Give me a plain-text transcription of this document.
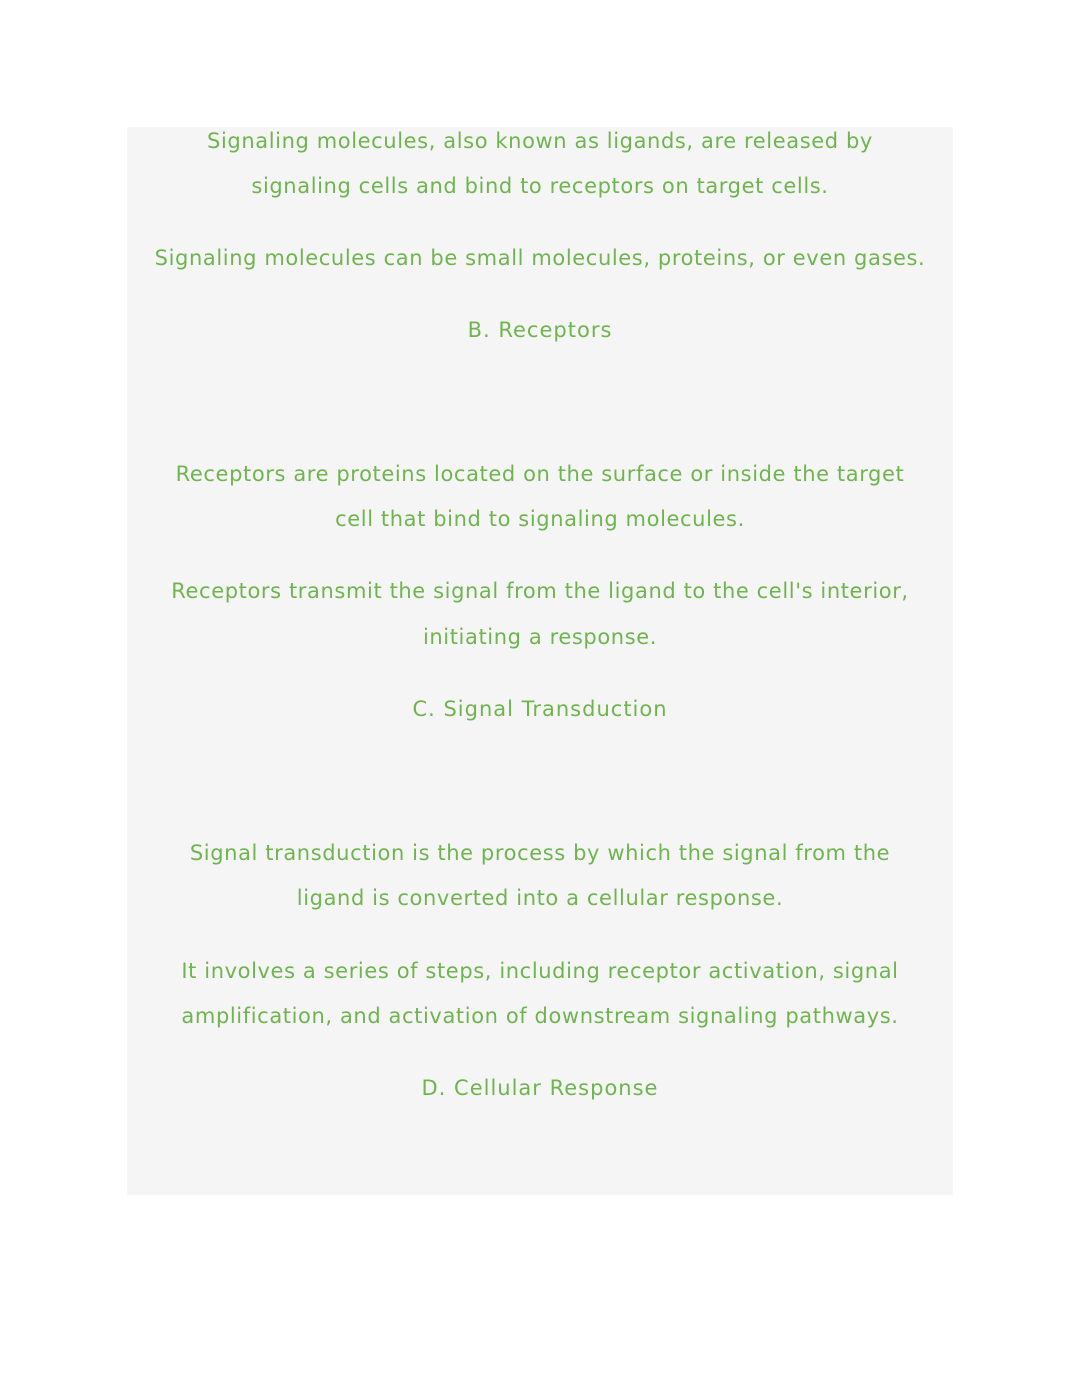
Signaling molecules, also known as ligands, are released by
signaling cells and bind to receptors on target cells.
Signaling molecules can be small molecules, proteins, or even gases.
B. Receptors
Receptors are proteins located on the surface or inside the target
cell that bind to signaling molecules.
Receptors transmit the signal from the ligand to the cell's interior,
initiating a response.
C. Signal Transduction
Signal transduction is the process by which the signal from the
ligand is converted into a cellular response.
It involves a series of steps, including receptor activation, signal
amplification, and activation of downstream signaling pathways.
D. Cellular Response
